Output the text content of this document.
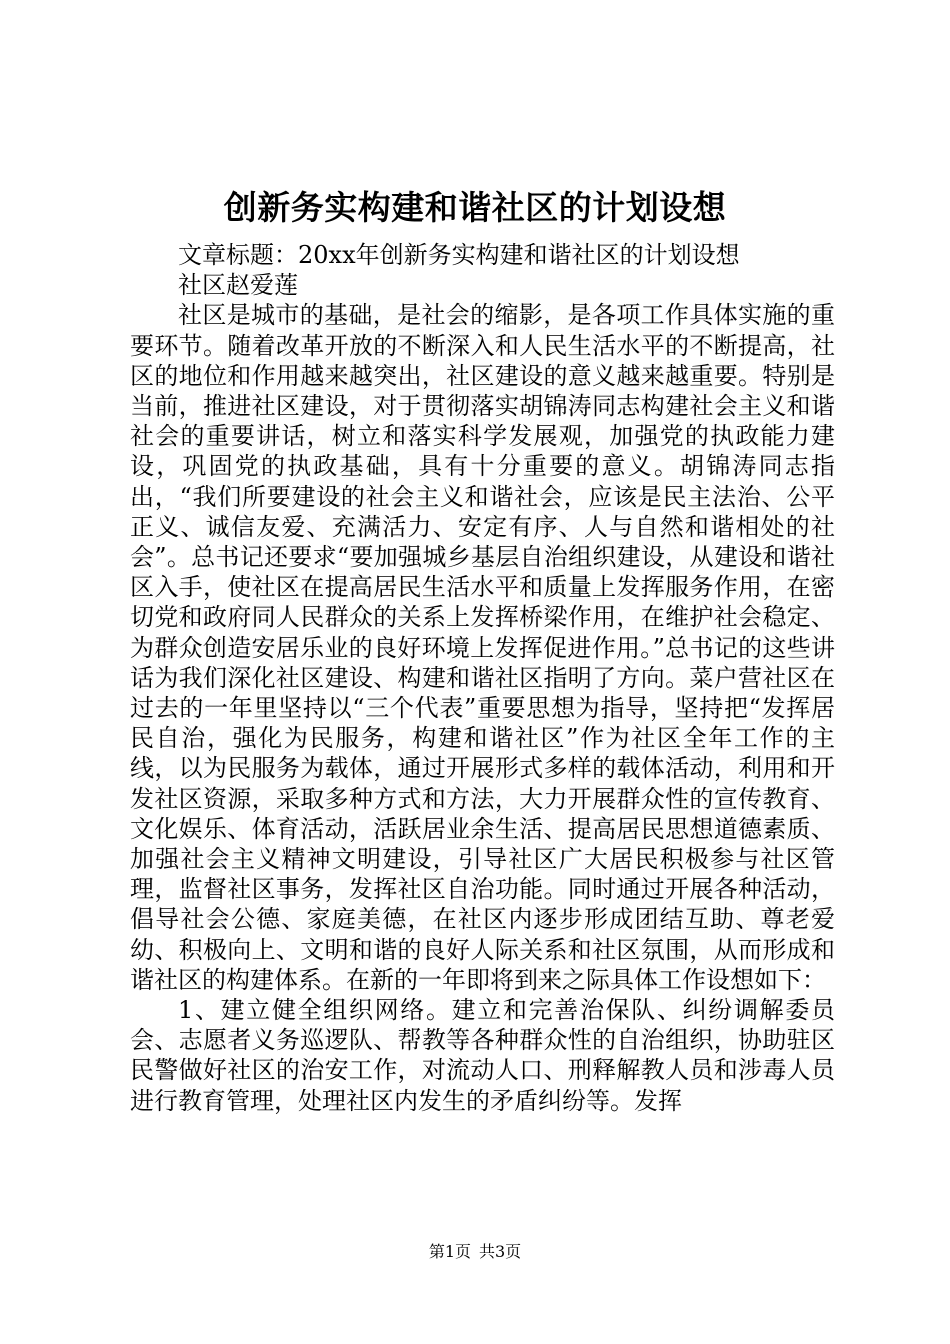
创新务实构建和谐社区的计划设想

文章标题：20xx年创新务实构建和谐社区的计划设想

社区赵爱莲

社区是城市的基础，是社会的缩影，是各项工作具体实施的重要环节。随着改革开放的不断深入和人民生活水平的不断提高，社区的地位和作用越来越突出，社区建设的意义越来越重要。特别是当前，推进社区建设，对于贯彻落实胡锦涛同志构建社会主义和谐社会的重要讲话，树立和落实科学发展观，加强党的执政能力建设，巩固党的执政基础，具有十分重要的意义。胡锦涛同志指出，“我们所要建设的社会主义和谐社会，应该是民主法治、公平正义、诚信友爱、充满活力、安定有序、人与自然和谐相处的社会”。总书记还要求“要加强城乡基层自治组织建设，从建设和谐社区入手，使社区在提高居民生活水平和质量上发挥服务作用，在密切党和政府同人民群众的关系上发挥桥梁作用，在维护社会稳定、为群众创造安居乐业的良好环境上发挥促进作用。”总书记的这些讲话为我们深化社区建设、构建和谐社区指明了方向。菜户营社区在过去的一年里坚持以“三个代表”重要思想为指导，坚持把“发挥居民自治，强化为民服务，构建和谐社区”作为社区全年工作的主线，以为民服务为载体，通过开展形式多样的载体活动，利用和开发社区资源，采取多种方式和方法，大力开展群众性的宣传教育、文化娱乐、体育活动，活跃居业余生活、提高居民思想道德素质、加强社会主义精神文明建设，引导社区广大居民积极参与社区管理，监督社区事务，发挥社区自治功能。同时通过开展各种活动，倡导社会公德、家庭美德，在社区内逐步形成团结互助、尊老爱幼、积极向上、文明和谐的良好人际关系和社区氛围，从而形成和谐社区的构建体系。在新的一年即将到来之际具体工作设想如下：

1、建立健全组织网络。建立和完善治保队、纠纷调解委员会、志愿者义务巡逻队、帮教等各种群众性的自治组织，协助驻区民警做好社区的治安工作，对流动人口、刑释解教人员和涉毒人员进行教育管理，处理社区内发生的矛盾纠纷等。发挥

第1页 共3页
